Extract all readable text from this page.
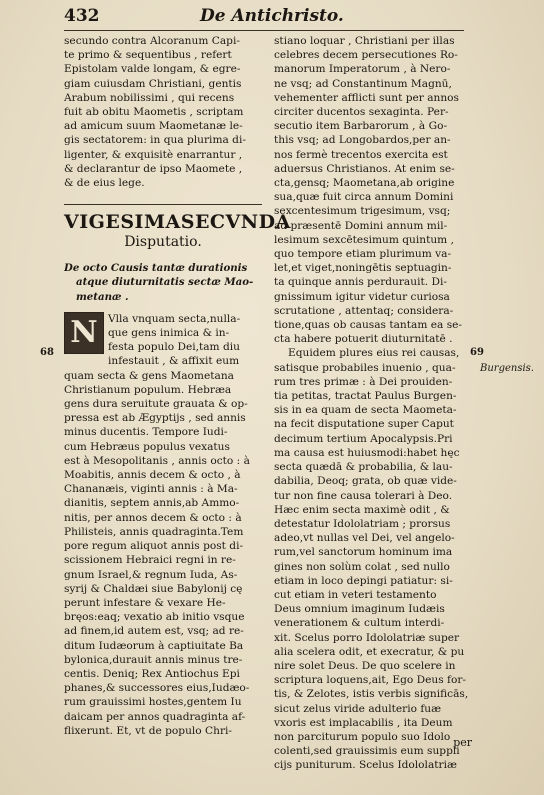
432	De Antichristo.
secundo contra Alcoranum Capi-
te primo & sequentibus , refert
Epistolam valde longam, & egre-
giam cuiusdam Christiani, gentis
Arabum nobilissimi , qui recens
fuit ab obitu Maometis , scriptam
ad amicum suum Maometanæ le-
gis sectatorem: in qua plurima di-
ligenter, & exquisitè enarrantur ,
& declarantur de ipso Maomete ,
& de eius lege.
VIGESIMASECVNDA
Disputatio.
De octo Causis tantæ durationis
atque diuturnitatis sectæ Mao-
metanæ .
N Vlla vnquam secta,nulla-
que gens inimica & in-
festa populo Dei,tam diu
infestauit , & affixit eum
quam secta & gens Maometana
Christianum populum. Hebræa
gens dura seruitute grauata & op-
pressa est ab Ægyptijs , sed annis
minus ducentis. Tempore Iudi-
cum Hebræus populus vexatus
est à Mesopolitanis , annis octo : à
Moabitis, annis decem & octo , à
Chananæis, viginti annis : à Ma-
dianitis, septem annis,ab Ammo-
nitis, per annos decem & octo : à
Philisteis, annis quadraginta.Tem
pore regum aliquot annis post di-
scissionem Hebraici regni in re-
gnum Israel,& regnum Iuda, As-
syrij & Chaldæi siue Babylonij cę
perunt infestare & vexare He-
bręos:eaq; vexatio ab initio vsque
ad finem,id autem est, vsq; ad re-
ditum Iudæorum à captiuitate Ba
bylonica,durauit annis minus tre-
centis. Deniq; Rex Antiochus Epi
phanes,& successores eius,Iudæo-
rum grauissimi hostes,gentem Iu
daicam per annos quadraginta af-
flixerunt. Et, vt de populo Chri-
68
stiano loquar , Christiani per illas
celebres decem persecutiones Ro-
manorum Imperatorum , à Nero-
ne vsq; ad Constantinum Magnū,
vehementer afflicti sunt per annos
circiter ducentos sexaginta. Per-
secutio item Barbarorum , à Go-
this vsq; ad Longobardos,per an-
nos fermè trecentos exercita est
aduersus Christianos. At enim se-
cta,gensq; Maometana,ab origine
sua,quæ fuit circa annum Domini
sexcentesimum trigesimum, vsq;
ad præsentē Domini annum mil-
lesimum sexcētesimum quintum ,
quo tempore etiam plurimum va-
let,et viget,noningētis septuagin-
ta quinque annis perdurauit. Di-
gnissimum igitur videtur curiosa
scrutatione , attentaq; considera-
tione,quas ob causas tantam ea se-
cta habere potuerit diuturnitatē .
Equidem plures eius rei causas,
satisque probabiles inuenio , qua-
rum tres primæ : à Dei prouiden-
tia petitas, tractat Paulus Burgen-
sis in ea quam de secta Maometa-
na fecit disputatione super Caput
decimum tertium Apocalypsis.Pri
ma causa est huiusmodi:habet hęc
secta quædā & probabilia, & lau-
dabilia, Deoq; grata, ob quæ vide-
tur non fine causa tolerari à Deo.
Hæc enim secta maximè odit , &
detestatur Idololatriam ; prorsus
adeo,vt nullas vel Dei, vel angelo-
rum,vel sanctorum hominum ima
gines non solùm colat , sed nullo
etiam in loco depingi patiatur: si-
cut etiam in veteri testamento
Deus omnium imaginum Iudæis
venerationem & cultum interdi-
xit. Scelus porro Idololatriæ super
alia scelera odit, et execratur, & pu
nire solet Deus. De quo scelere in
scriptura loquens,ait, Ego Deus for-
tis, & Zelotes, istis verbis significās,
sicut zelus viride adulterio fuæ
vxoris est implacabilis , ita Deum
non parciturum populo suo Idolo
colenti,sed grauissimis eum suppli
cijs puniturum. Scelus Idololatriæ
69
Burgensis.
per
